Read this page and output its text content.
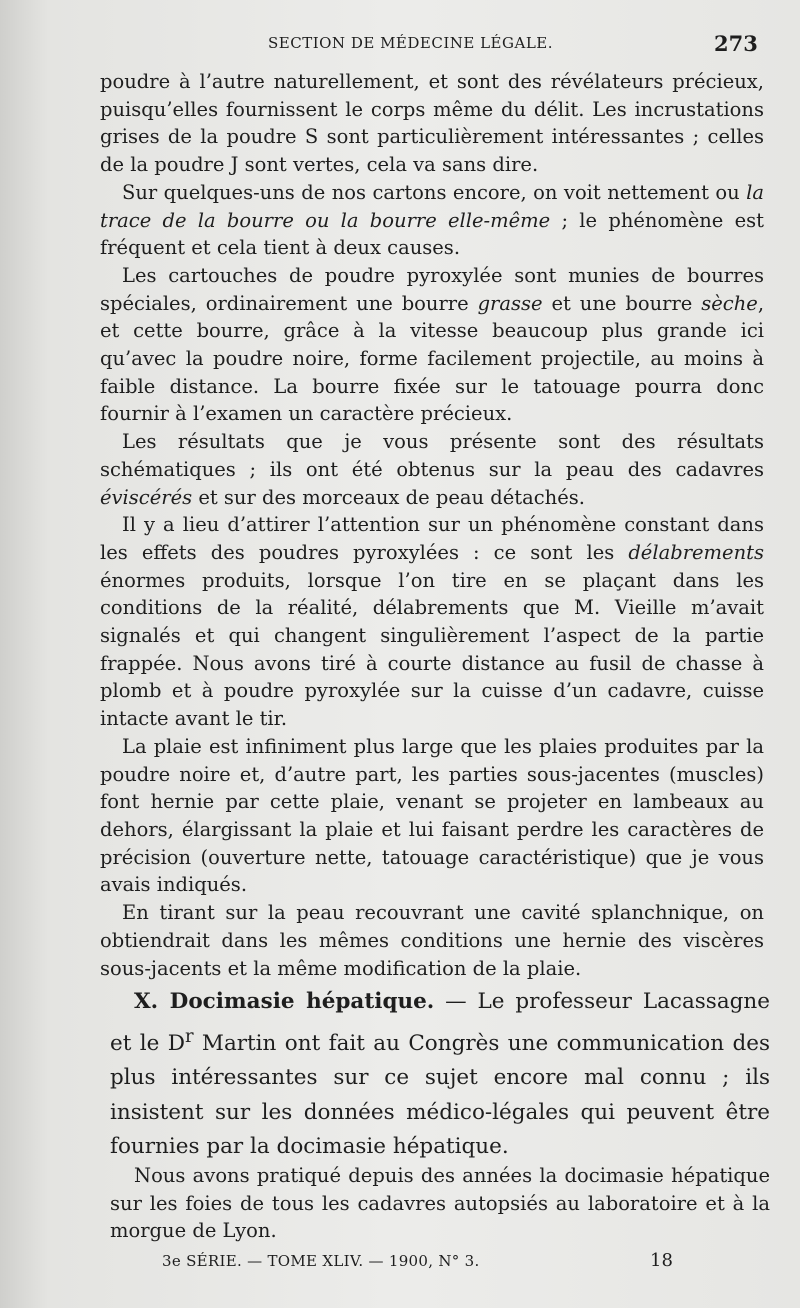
SECTION DE MÉDECINE LÉGALE.	273

poudre à l’autre naturellement, et sont des révélateurs précieux, puisqu’elles fournissent le corps même du délit. Les incrustations grises de la poudre S sont particulièrement intéressantes ; celles de la poudre J sont vertes, cela va sans dire.

Sur quelques-uns de nos cartons encore, on voit nettement ou la trace de la bourre ou la bourre elle-même ; le phénomène est fréquent et cela tient à deux causes.

Les cartouches de poudre pyroxylée sont munies de bourres spéciales, ordinairement une bourre grasse et une bourre sèche, et cette bourre, grâce à la vitesse beaucoup plus grande ici qu’avec la poudre noire, forme facilement projectile, au moins à faible distance. La bourre fixée sur le tatouage pourra donc fournir à l’examen un caractère précieux.

Les résultats que je vous présente sont des résultats schématiques ; ils ont été obtenus sur la peau des cadavres éviscérés et sur des morceaux de peau détachés.

Il y a lieu d’attirer l’attention sur un phénomène constant dans les effets des poudres pyroxylées : ce sont les délabrements énormes produits, lorsque l’on tire en se plaçant dans les conditions de la réalité, délabrements que M. Vieille m’avait signalés et qui changent singulièrement l’aspect de la partie frappée. Nous avons tiré à courte distance au fusil de chasse à plomb et à poudre pyroxylée sur la cuisse d’un cadavre, cuisse intacte avant le tir.

La plaie est infiniment plus large que les plaies produites par la poudre noire et, d’autre part, les parties sous-jacentes (muscles) font hernie par cette plaie, venant se projeter en lambeaux au dehors, élargissant la plaie et lui faisant perdre les caractères de précision (ouverture nette, tatouage caractéristique) que je vous avais indiqués.

En tirant sur la peau recouvrant une cavité splanchnique, on obtiendrait dans les mêmes conditions une hernie des viscères sous-jacents et la même modification de la plaie.

X. Docimasie hépatique. — Le professeur Lacassagne et le $D^r$ Martin ont fait au Congrès une communication des plus intéressantes sur ce sujet encore mal connu ; ils insistent sur les données médico-légales qui peuvent être fournies par la docimasie hépatique.

Nous avons pratiqué depuis des années la docimasie hépatique sur les foies de tous les cadavres autopsiés au laboratoire et à la morgue de Lyon.

3e SÉRIE. — TOME XLIV. — 1900, N° 3.	18
